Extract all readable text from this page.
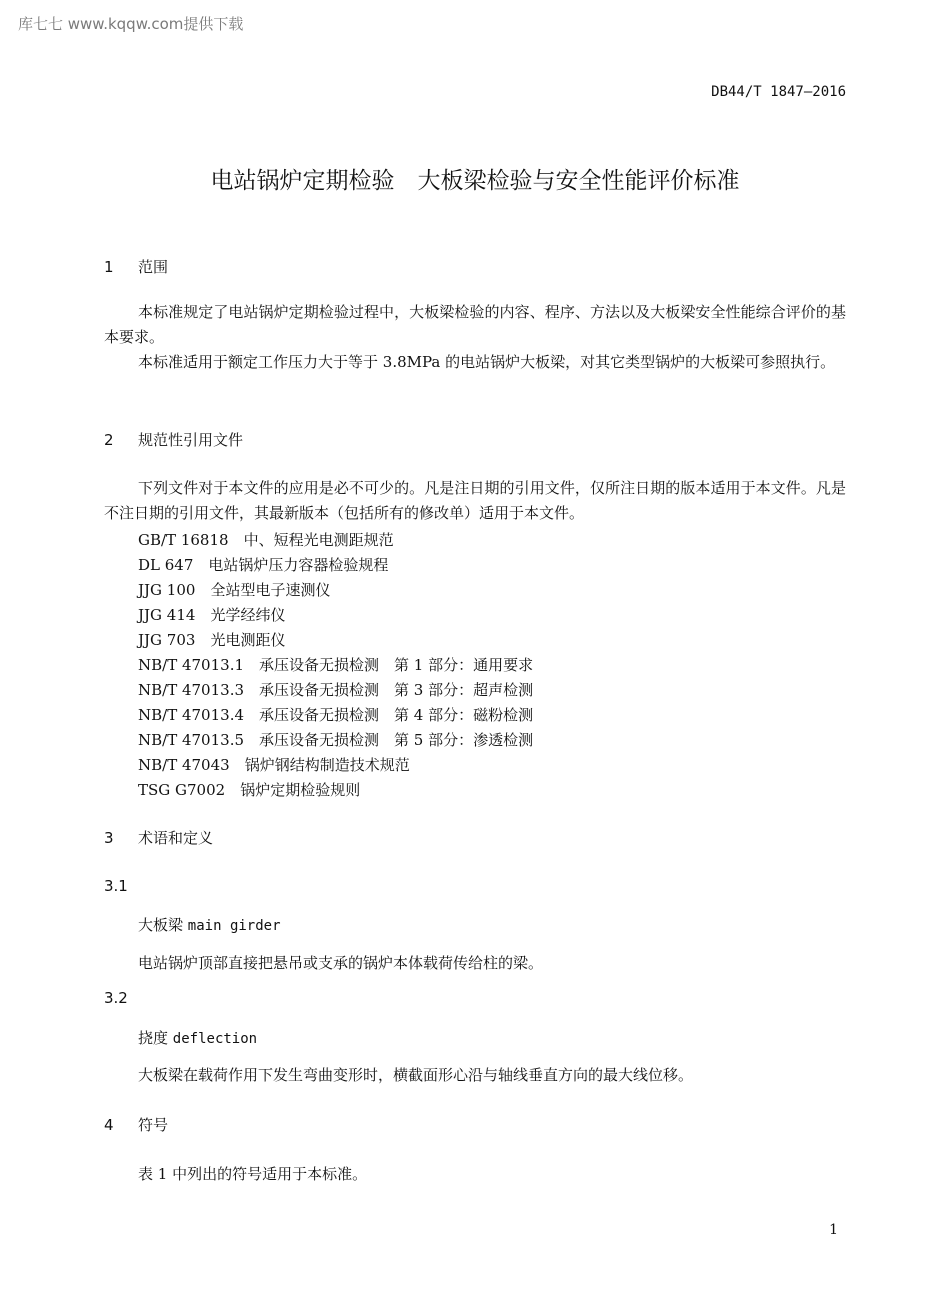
库七七 www.kqqw.com提供下载
DB44/T 1847—2016
电站锅炉定期检验　大板梁检验与安全性能评价标准
1 范围
本标准规定了电站锅炉定期检验过程中，大板梁检验的内容、程序、方法以及大板梁安全性能综合评价的基本要求。
本标准适用于额定工作压力大于等于 3.8MPa 的电站锅炉大板梁，对其它类型锅炉的大板梁可参照执行。
2 规范性引用文件
下列文件对于本文件的应用是必不可少的。凡是注日期的引用文件，仅所注日期的版本适用于本文件。凡是不注日期的引用文件，其最新版本（包括所有的修改单）适用于本文件。
GB/T 16818　 中、短程光电测距规范
DL 647　 电站锅炉压力容器检验规程
JJG 100　 全站型电子速测仪
JJG 414　 光学经纬仪
JJG 703　 光电测距仪
NB/T 47013.1　 承压设备无损检测　第 1 部分：通用要求
NB/T 47013.3　 承压设备无损检测　第 3 部分：超声检测
NB/T 47013.4　 承压设备无损检测　第 4 部分：磁粉检测
NB/T 47013.5　 承压设备无损检测　第 5 部分：渗透检测
NB/T 47043　 锅炉钢结构制造技术规范
TSG G7002　 锅炉定期检验规则
3 术语和定义
3.1
大板梁 main girder
电站锅炉顶部直接把悬吊或支承的锅炉本体载荷传给柱的梁。
3.2
挠度 deflection
大板梁在载荷作用下发生弯曲变形时，横截面形心沿与轴线垂直方向的最大线位移。
4 符号
表 1 中列出的符号适用于本标准。
1
